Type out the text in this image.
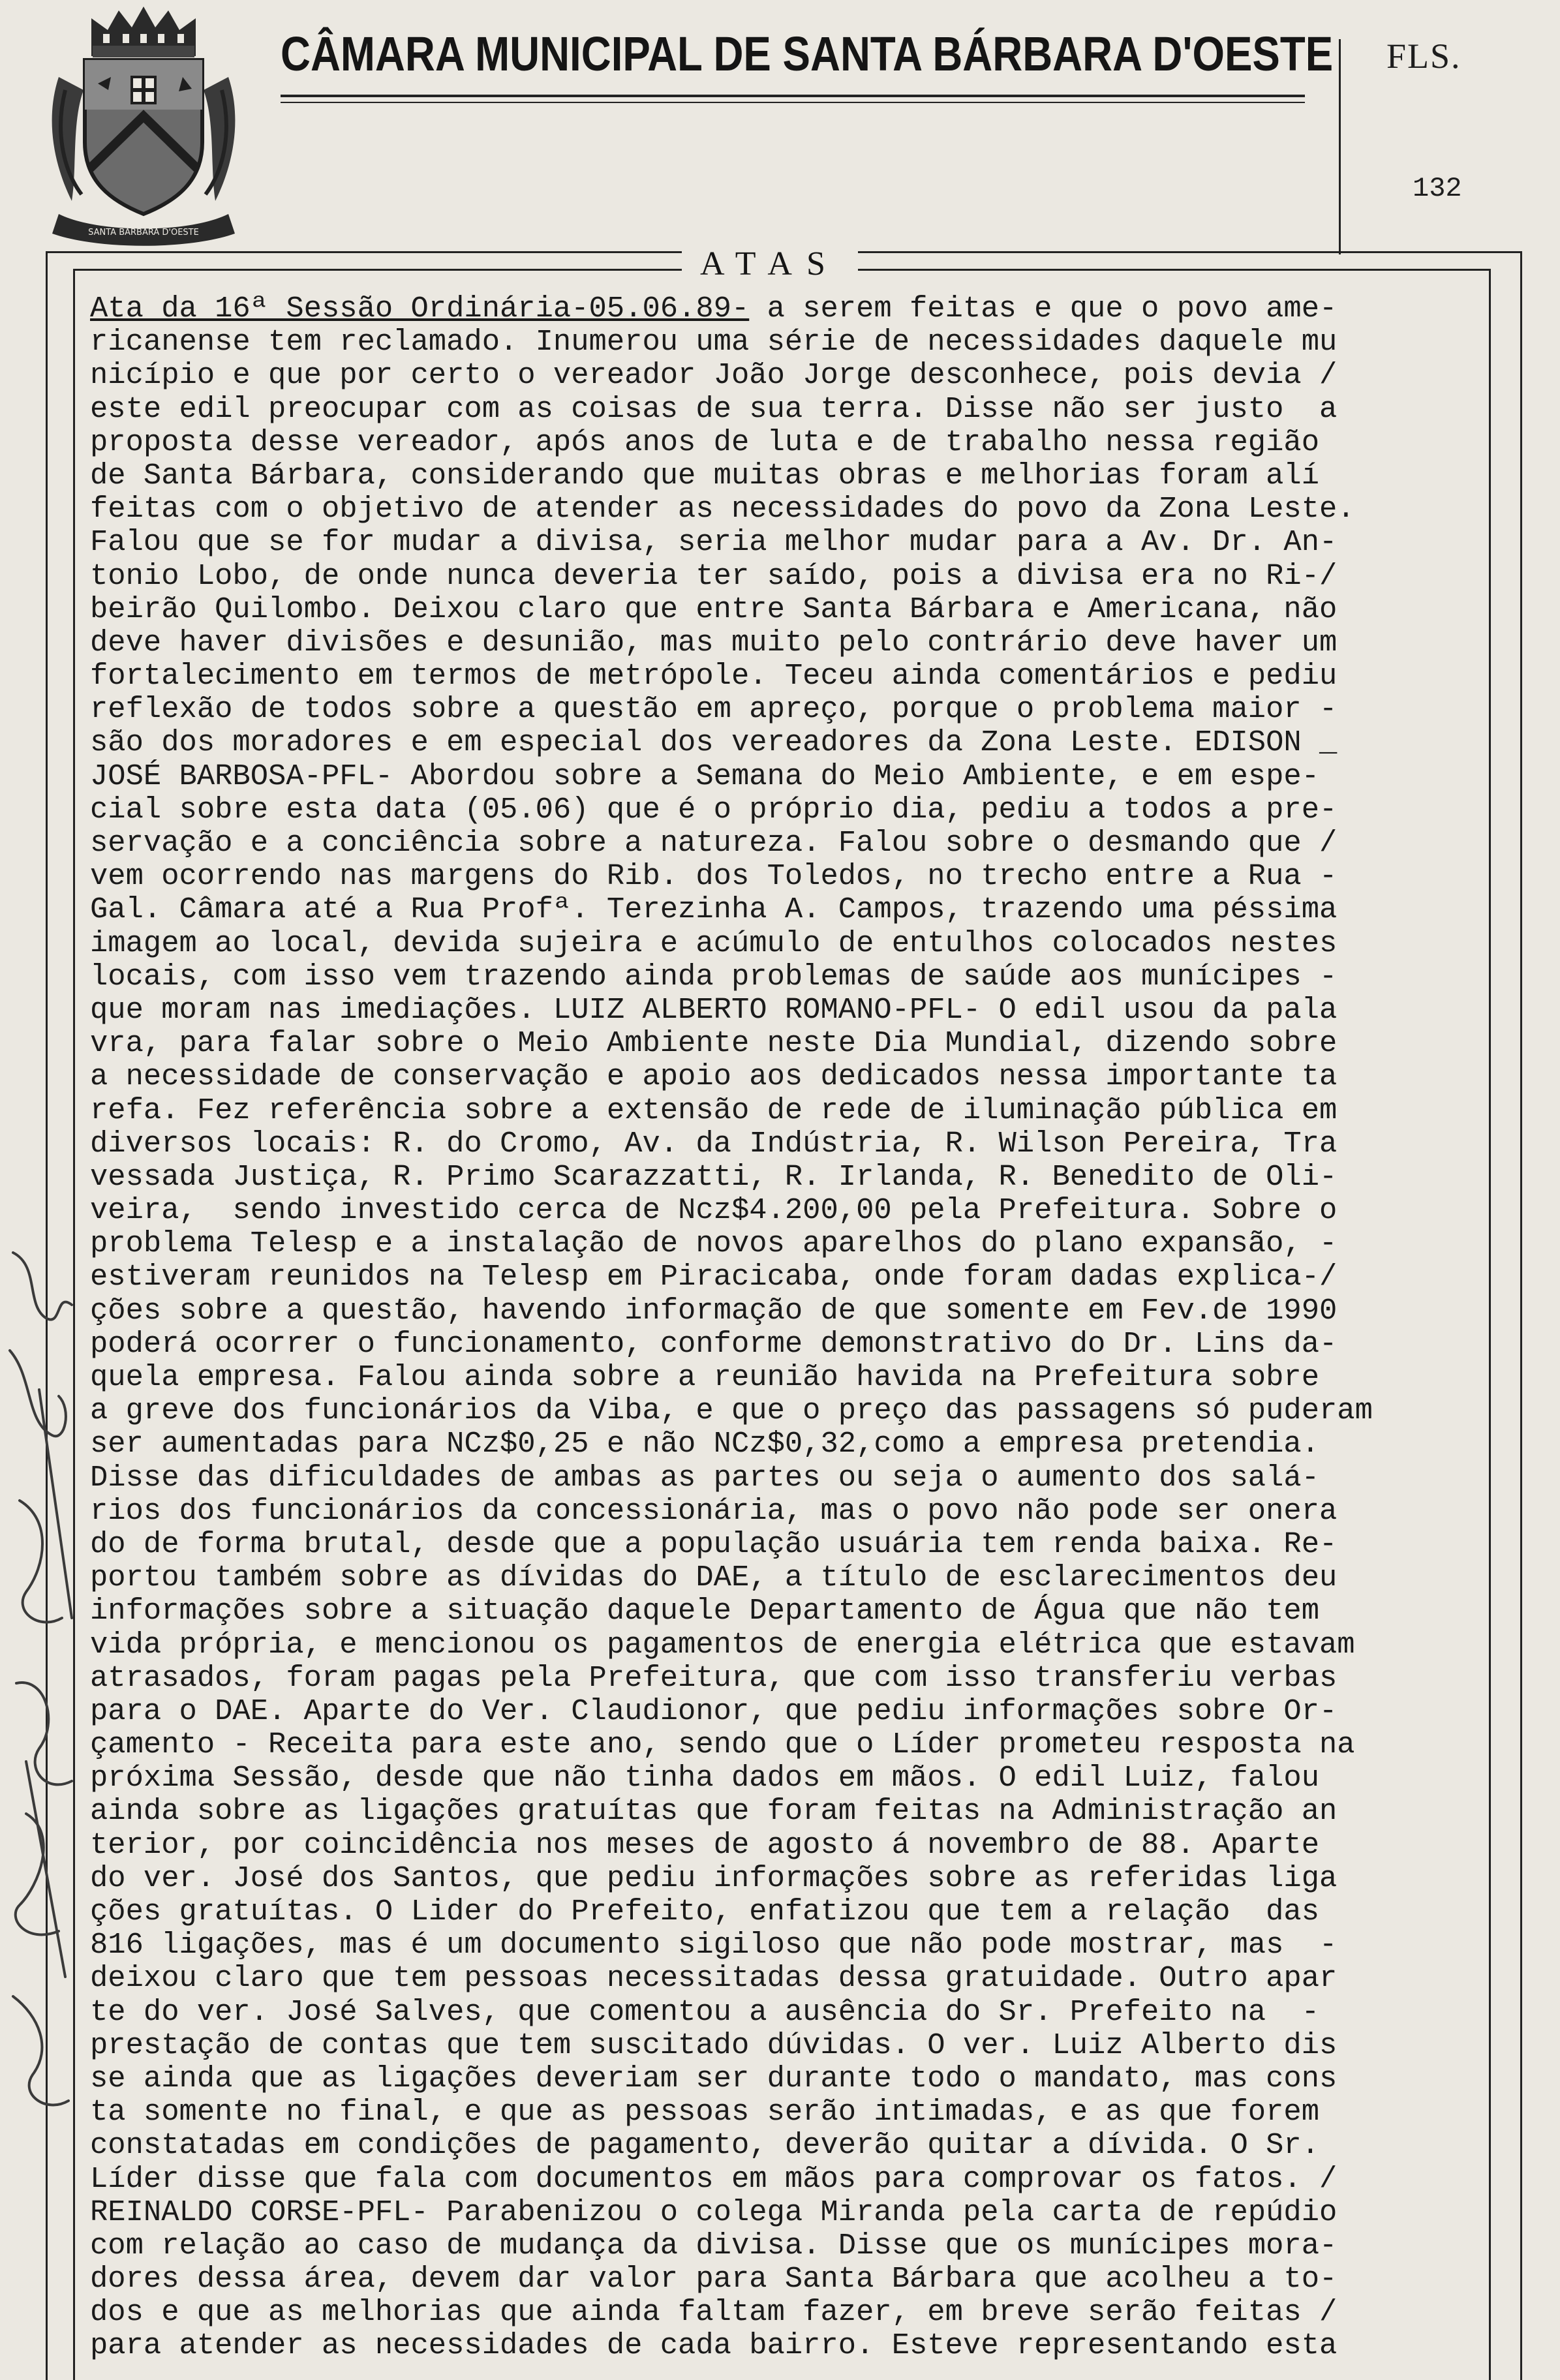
SANTA BÁRBARA D'OESTE
CÂMARA MUNICIPAL DE SANTA BÁRBARA D'OESTE FLS.
132
ATAS
Ata da 16ª Sessão Ordinária-05.06.89- a serem feitas e que o povo ame-
ricanense tem reclamado. Inumerou uma série de necessidades daquele mu
nicípio e que por certo o vereador João Jorge desconhece, pois devia /
este edil preocupar com as coisas de sua terra. Disse não ser justo  a
proposta desse vereador, após anos de luta e de trabalho nessa região
de Santa Bárbara, considerando que muitas obras e melhorias foram alí
feitas com o objetivo de atender as necessidades do povo da Zona Leste.
Falou que se for mudar a divisa, seria melhor mudar para a Av. Dr. An-
tonio Lobo, de onde nunca deveria ter saído, pois a divisa era no Ri-/
beirão Quilombo. Deixou claro que entre Santa Bárbara e Americana, não
deve haver divisões e desunião, mas muito pelo contrário deve haver um
fortalecimento em termos de metrópole. Teceu ainda comentários e pediu
reflexão de todos sobre a questão em apreço, porque o problema maior -
são dos moradores e em especial dos vereadores da Zona Leste. EDISON _
JOSÉ BARBOSA-PFL- Abordou sobre a Semana do Meio Ambiente, e em espe-
cial sobre esta data (05.06) que é o próprio dia, pediu a todos a pre-
servação e a conciência sobre a natureza. Falou sobre o desmando que /
vem ocorrendo nas margens do Rib. dos Toledos, no trecho entre a Rua -
Gal. Câmara até a Rua Profª. Terezinha A. Campos, trazendo uma péssima
imagem ao local, devida sujeira e acúmulo de entulhos colocados nestes
locais, com isso vem trazendo ainda problemas de saúde aos munícipes -
que moram nas imediações. LUIZ ALBERTO ROMANO-PFL- O edil usou da pala
vra, para falar sobre o Meio Ambiente neste Dia Mundial, dizendo sobre
a necessidade de conservação e apoio aos dedicados nessa importante ta
refa. Fez referência sobre a extensão de rede de iluminação pública em
diversos locais: R. do Cromo, Av. da Indústria, R. Wilson Pereira, Tra
vessada Justiça, R. Primo Scarazzatti, R. Irlanda, R. Benedito de Oli-
veira,  sendo investido cerca de Ncz$4.200,00 pela Prefeitura. Sobre o
problema Telesp e a instalação de novos aparelhos do plano expansão, -
estiveram reunidos na Telesp em Piracicaba, onde foram dadas explica-/
ções sobre a questão, havendo informação de que somente em Fev.de 1990
poderá ocorrer o funcionamento, conforme demonstrativo do Dr. Lins da-
quela empresa. Falou ainda sobre a reunião havida na Prefeitura sobre
a greve dos funcionários da Viba, e que o preço das passagens só puderam
ser aumentadas para NCz$0,25 e não NCz$0,32,como a empresa pretendia.
Disse das dificuldades de ambas as partes ou seja o aumento dos salá-
rios dos funcionários da concessionária, mas o povo não pode ser onera
do de forma brutal, desde que a população usuária tem renda baixa. Re-
portou também sobre as dívidas do DAE, a título de esclarecimentos deu
informações sobre a situação daquele Departamento de Água que não tem
vida própria, e mencionou os pagamentos de energia elétrica que estavam
atrasados, foram pagas pela Prefeitura, que com isso transferiu verbas
para o DAE. Aparte do Ver. Claudionor, que pediu informações sobre Or-
çamento - Receita para este ano, sendo que o Líder prometeu resposta na
próxima Sessão, desde que não tinha dados em mãos. O edil Luiz, falou
ainda sobre as ligações gratuítas que foram feitas na Administração an
terior, por coincidência nos meses de agosto á novembro de 88. Aparte
do ver. José dos Santos, que pediu informações sobre as referidas liga
ções gratuítas. O Lider do Prefeito, enfatizou que tem a relação  das
816 ligações, mas é um documento sigiloso que não pode mostrar, mas  -
deixou claro que tem pessoas necessitadas dessa gratuidade. Outro apar
te do ver. José Salves, que comentou a ausência do Sr. Prefeito na  -
prestação de contas que tem suscitado dúvidas. O ver. Luiz Alberto dis
se ainda que as ligações deveriam ser durante todo o mandato, mas cons
ta somente no final, e que as pessoas serão intimadas, e as que forem
constatadas em condições de pagamento, deverão quitar a dívida. O Sr.
Líder disse que fala com documentos em mãos para comprovar os fatos. /
REINALDO CORSE-PFL- Parabenizou o colega Miranda pela carta de repúdio
com relação ao caso de mudança da divisa. Disse que os munícipes mora-
dores dessa área, devem dar valor para Santa Bárbara que acolheu a to-
dos e que as melhorias que ainda faltam fazer, em breve serão feitas /
para atender as necessidades de cada bairro. Esteve representando esta
